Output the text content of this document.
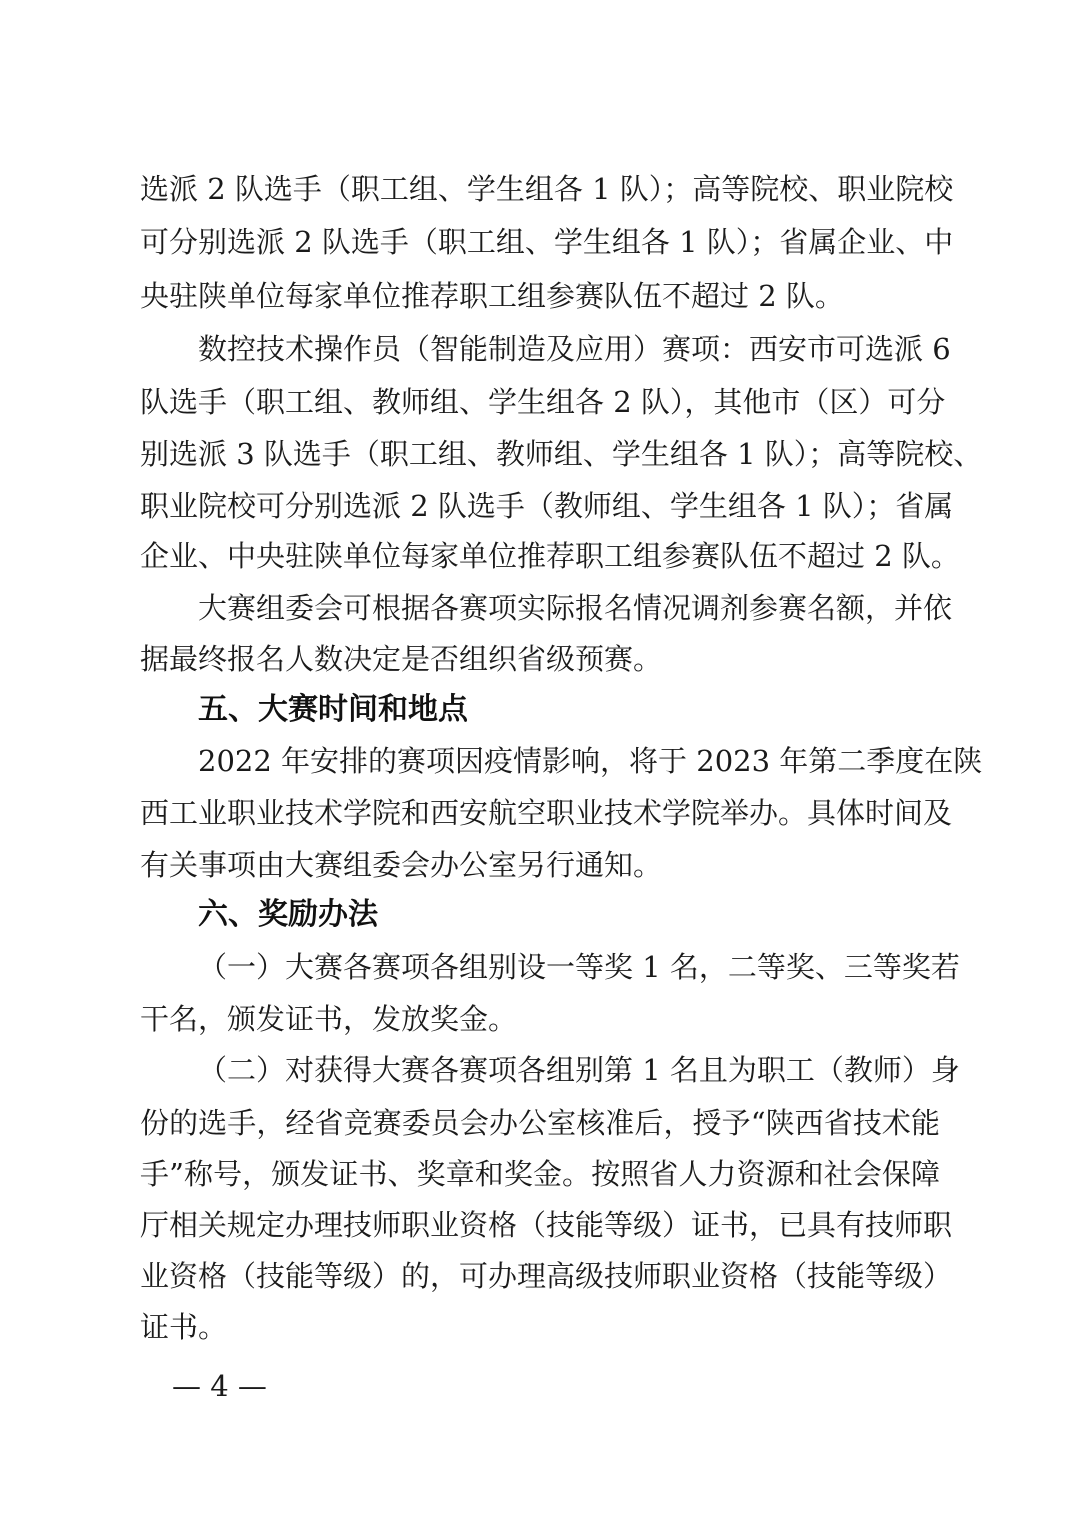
选派 2 队选手（职工组、学生组各 1 队）；高等院校、职业院校
可分别选派 2 队选手（职工组、学生组各 1 队）；省属企业、中
央驻陕单位每家单位推荐职工组参赛队伍不超过 2 队。
数控技术操作员（智能制造及应用）赛项：西安市可选派 6
队选手（职工组、教师组、学生组各 2 队），其他市（区）可分
别选派 3 队选手（职工组、教师组、学生组各 1 队）；高等院校、
职业院校可分别选派 2 队选手（教师组、学生组各 1 队）；省属
企业、中央驻陕单位每家单位推荐职工组参赛队伍不超过 2 队。
大赛组委会可根据各赛项实际报名情况调剂参赛名额，并依
据最终报名人数决定是否组织省级预赛。
五、大赛时间和地点
2022 年安排的赛项因疫情影响，将于 2023 年第二季度在陕
西工业职业技术学院和西安航空职业技术学院举办。具体时间及
有关事项由大赛组委会办公室另行通知。
六、奖励办法
（一）大赛各赛项各组别设一等奖 1 名，二等奖、三等奖若
干名，颁发证书，发放奖金。
（二）对获得大赛各赛项各组别第 1 名且为职工（教师）身
份的选手，经省竞赛委员会办公室核准后，授予“陕西省技术能
手”称号，颁发证书、奖章和奖金。按照省人力资源和社会保障
厅相关规定办理技师职业资格（技能等级）证书，已具有技师职
业资格（技能等级）的，可办理高级技师职业资格（技能等级）
证书。
— 4 —
